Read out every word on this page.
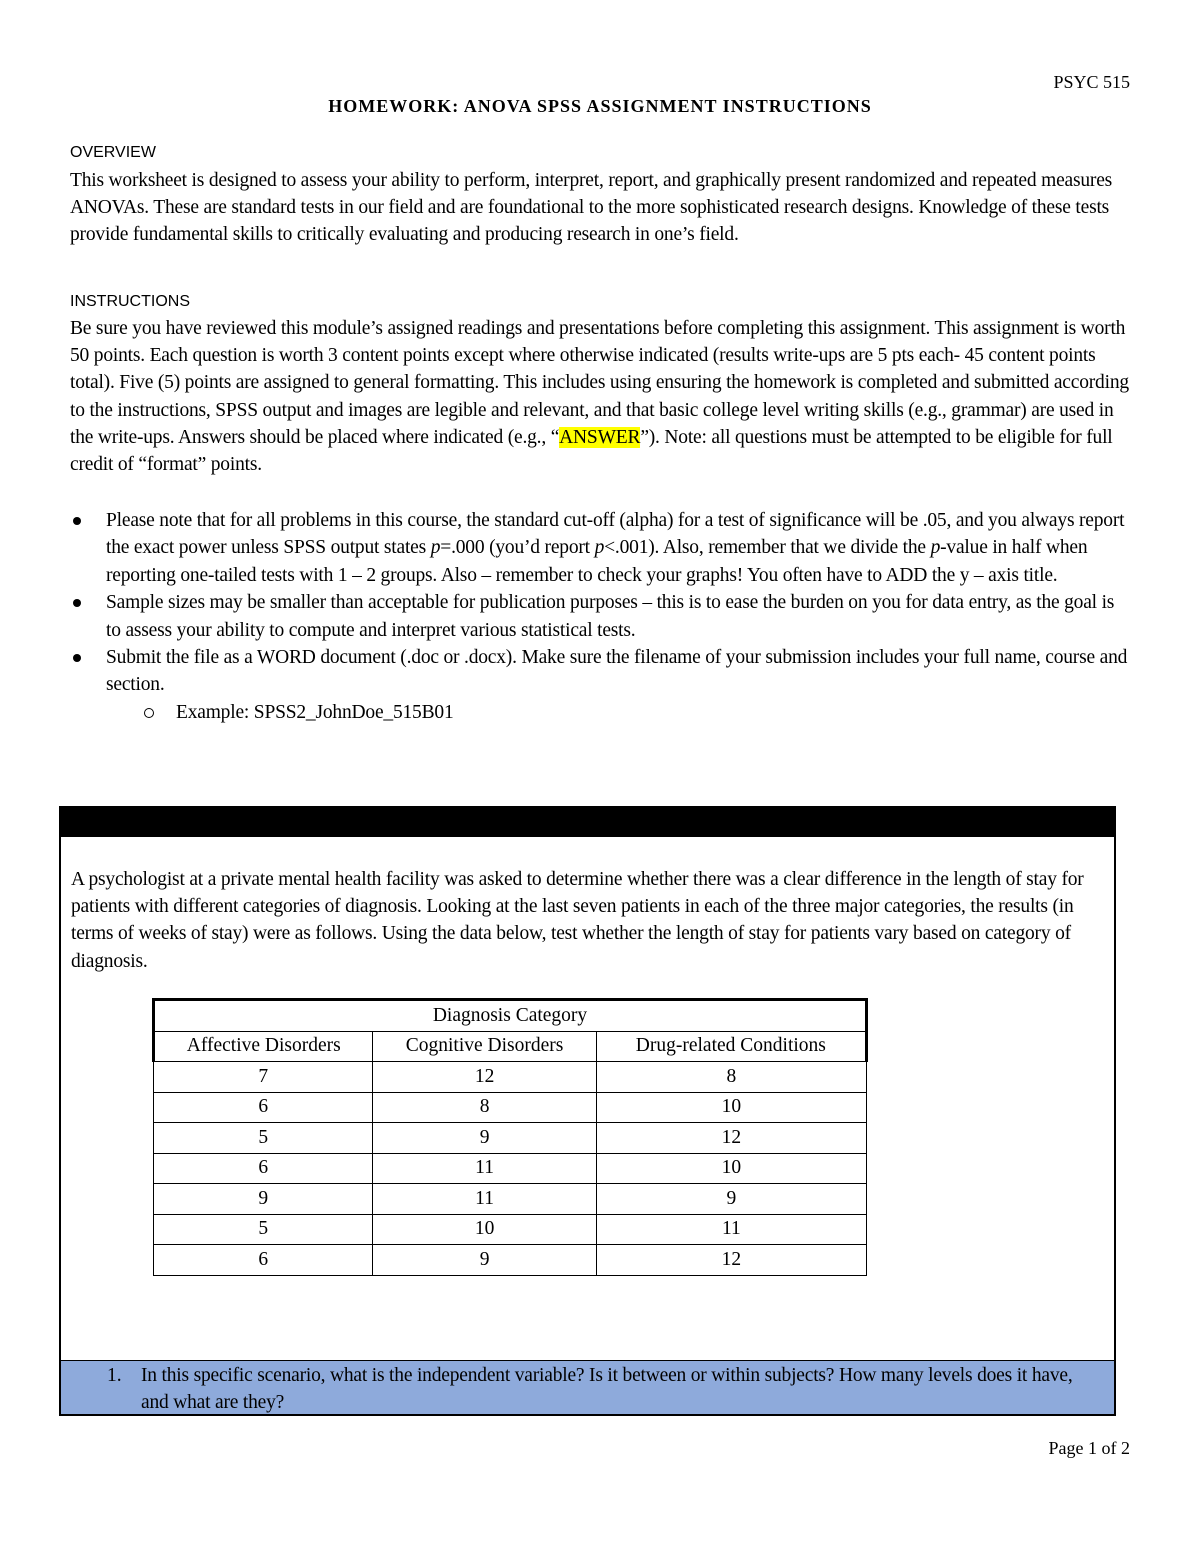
PSYC 515
HOMEWORK: ANOVA SPSS ASSIGNMENT INSTRUCTIONS
OVERVIEW
This worksheet is designed to assess your ability to perform, interpret, report, and graphically present randomized and repeated measures ANOVAs. These are standard tests in our field and are foundational to the more sophisticated research designs. Knowledge of these tests provide fundamental skills to critically evaluating and producing research in one’s field.
INSTRUCTIONS
Be sure you have reviewed this module’s assigned readings and presentations before completing this assignment. This assignment is worth 50 points. Each question is worth 3 content points except where otherwise indicated (results write-ups are 5 pts each- 45 content points total). Five (5) points are assigned to general formatting. This includes using ensuring the homework is completed and submitted according to the instructions, SPSS output and images are legible and relevant, and that basic college level writing skills (e.g., grammar) are used in the write-ups. Answers should be placed where indicated (e.g., “ANSWER”). Note: all questions must be attempted to be eligible for full credit of “format” points.
Please note that for all problems in this course, the standard cut-off (alpha) for a test of significance will be .05, and you always report the exact power unless SPSS output states p=.000 (you’d report p<.001). Also, remember that we divide the p-value in half when reporting one-tailed tests with 1 – 2 groups. Also – remember to check your graphs! You often have to ADD the y – axis title.
Sample sizes may be smaller than acceptable for publication purposes – this is to ease the burden on you for data entry, as the goal is to assess your ability to compute and interpret various statistical tests.
Submit the file as a WORD document (.doc or .docx). Make sure the filename of your submission includes your full name, course and section.
Example: SPSS2_JohnDoe_515B01
A psychologist at a private mental health facility was asked to determine whether there was a clear difference in the length of stay for patients with different categories of diagnosis. Looking at the last seven patients in each of the three major categories, the results (in terms of weeks of stay) were as follows. Using the data below, test whether the length of stay for patients vary based on category of diagnosis.
Diagnosis Category		
Affective Disorders	Cognitive Disorders	Drug-related Conditions
7	12	8
6	8	10
5	9	12
6	11	10
9	11	9
5	10	11
6	9	12
1. In this specific scenario, what is the independent variable? Is it between or within subjects? How many levels does it have, and what are they?
Page 1 of 2
